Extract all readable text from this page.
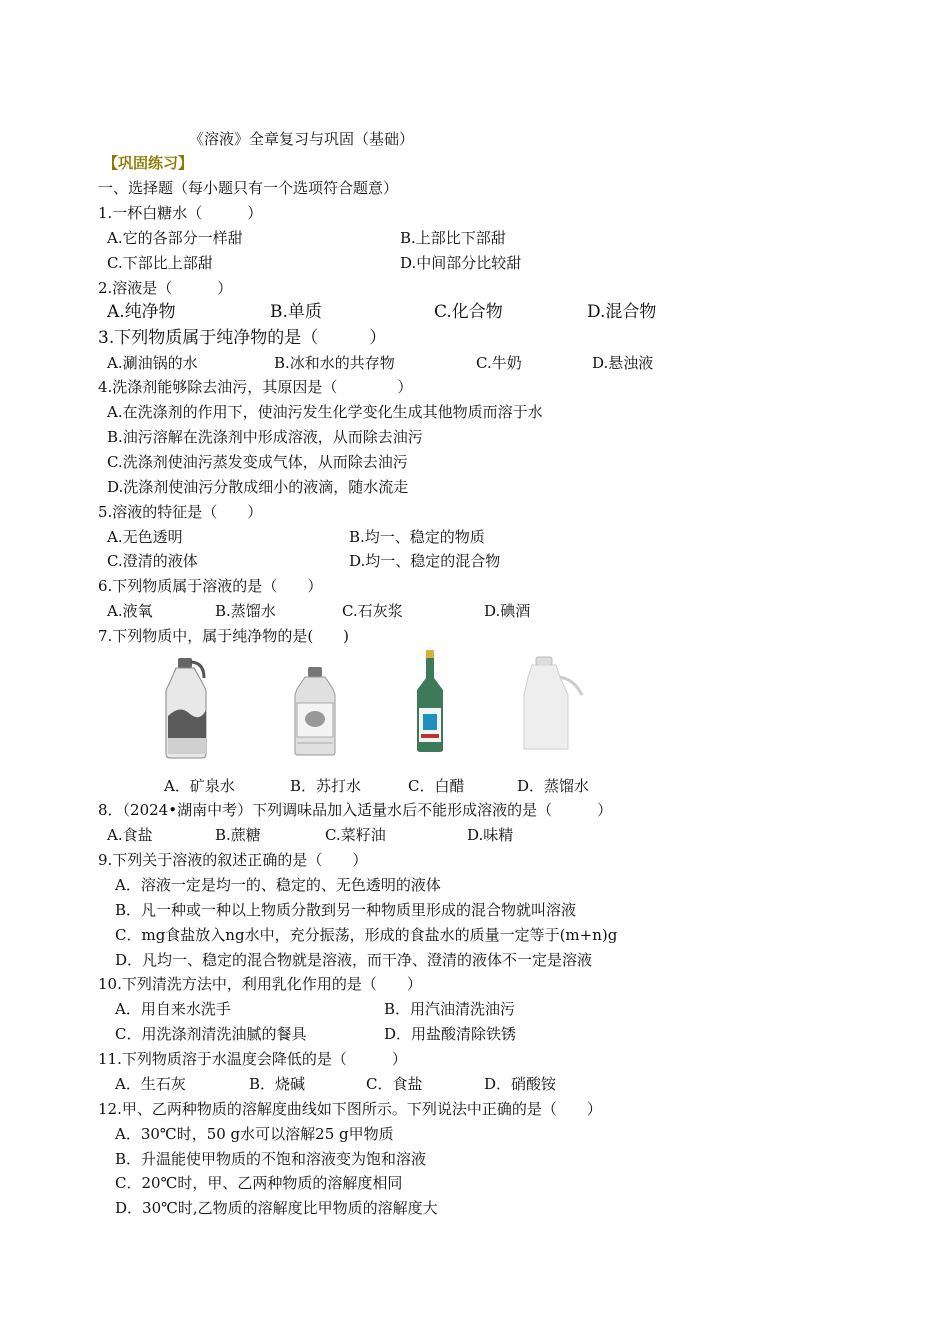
《溶液》全章复习与巩固（基础）
【巩固练习】
一、选择题（每小题只有一个选项符合题意）
1.一杯白糖水（　　　）
A.它的各部分一样甜	B.上部比下部甜
C.下部比上部甜	D.中间部分比较甜
2.溶液是（　　　）
A.纯净物	B.单质	C.化合物	D.混合物
3.下列物质属于纯净物的是（　　　）
A.涮油锅的水	B.冰和水的共存物	C.牛奶	D.悬浊液
4.洗涤剂能够除去油污，其原因是（　　　　）
A.在洗涤剂的作用下，使油污发生化学变化生成其他物质而溶于水
B.油污溶解在洗涤剂中形成溶液，从而除去油污
C.洗涤剂使油污蒸发变成气体，从而除去油污
D.洗涤剂使油污分散成细小的液滴，随水流走
5.溶液的特征是（　　）
A.无色透明	B.均一、稳定的物质
C.澄清的液体	D.均一、稳定的混合物
6.下列物质属于溶液的是（　　）
A.液氧	B.蒸馏水	C.石灰浆	D.碘酒
7.下列物质中，属于纯净物的是(　　)
A．矿泉水	B．苏打水	C．白醋	D．蒸馏水
8．（2024•湖南中考）下列调味品加入适量水后不能形成溶液的是（　　　）
A.食盐	B.蔗糖	C.菜籽油	D.味精
9.下列关于溶液的叙述正确的是（　　）
A．溶液一定是均一的、稳定的、无色透明的液体
B．凡一种或一种以上物质分散到另一种物质里形成的混合物就叫溶液
C．mg食盐放入ng水中，充分振荡，形成的食盐水的质量一定等于(m+n)g
D．凡均一、稳定的混合物就是溶液，而干净、澄清的液体不一定是溶液
10.下列清洗方法中，利用乳化作用的是（　　）
A．用自来水洗手	B．用汽油清洗油污
C．用洗涤剂清洗油腻的餐具	D．用盐酸清除铁锈
11.下列物质溶于水温度会降低的是（　　　）
A．生石灰	B．烧碱	C．食盐	D．硝酸铵
12.甲、乙两种物质的溶解度曲线如下图所示。下列说法中正确的是（　　）
A．30℃时，50 g水可以溶解25 g甲物质
B．升温能使甲物质的不饱和溶液变为饱和溶液
C．20℃时，甲、乙两种物质的溶解度相同
D．30℃时,乙物质的溶解度比甲物质的溶解度大
